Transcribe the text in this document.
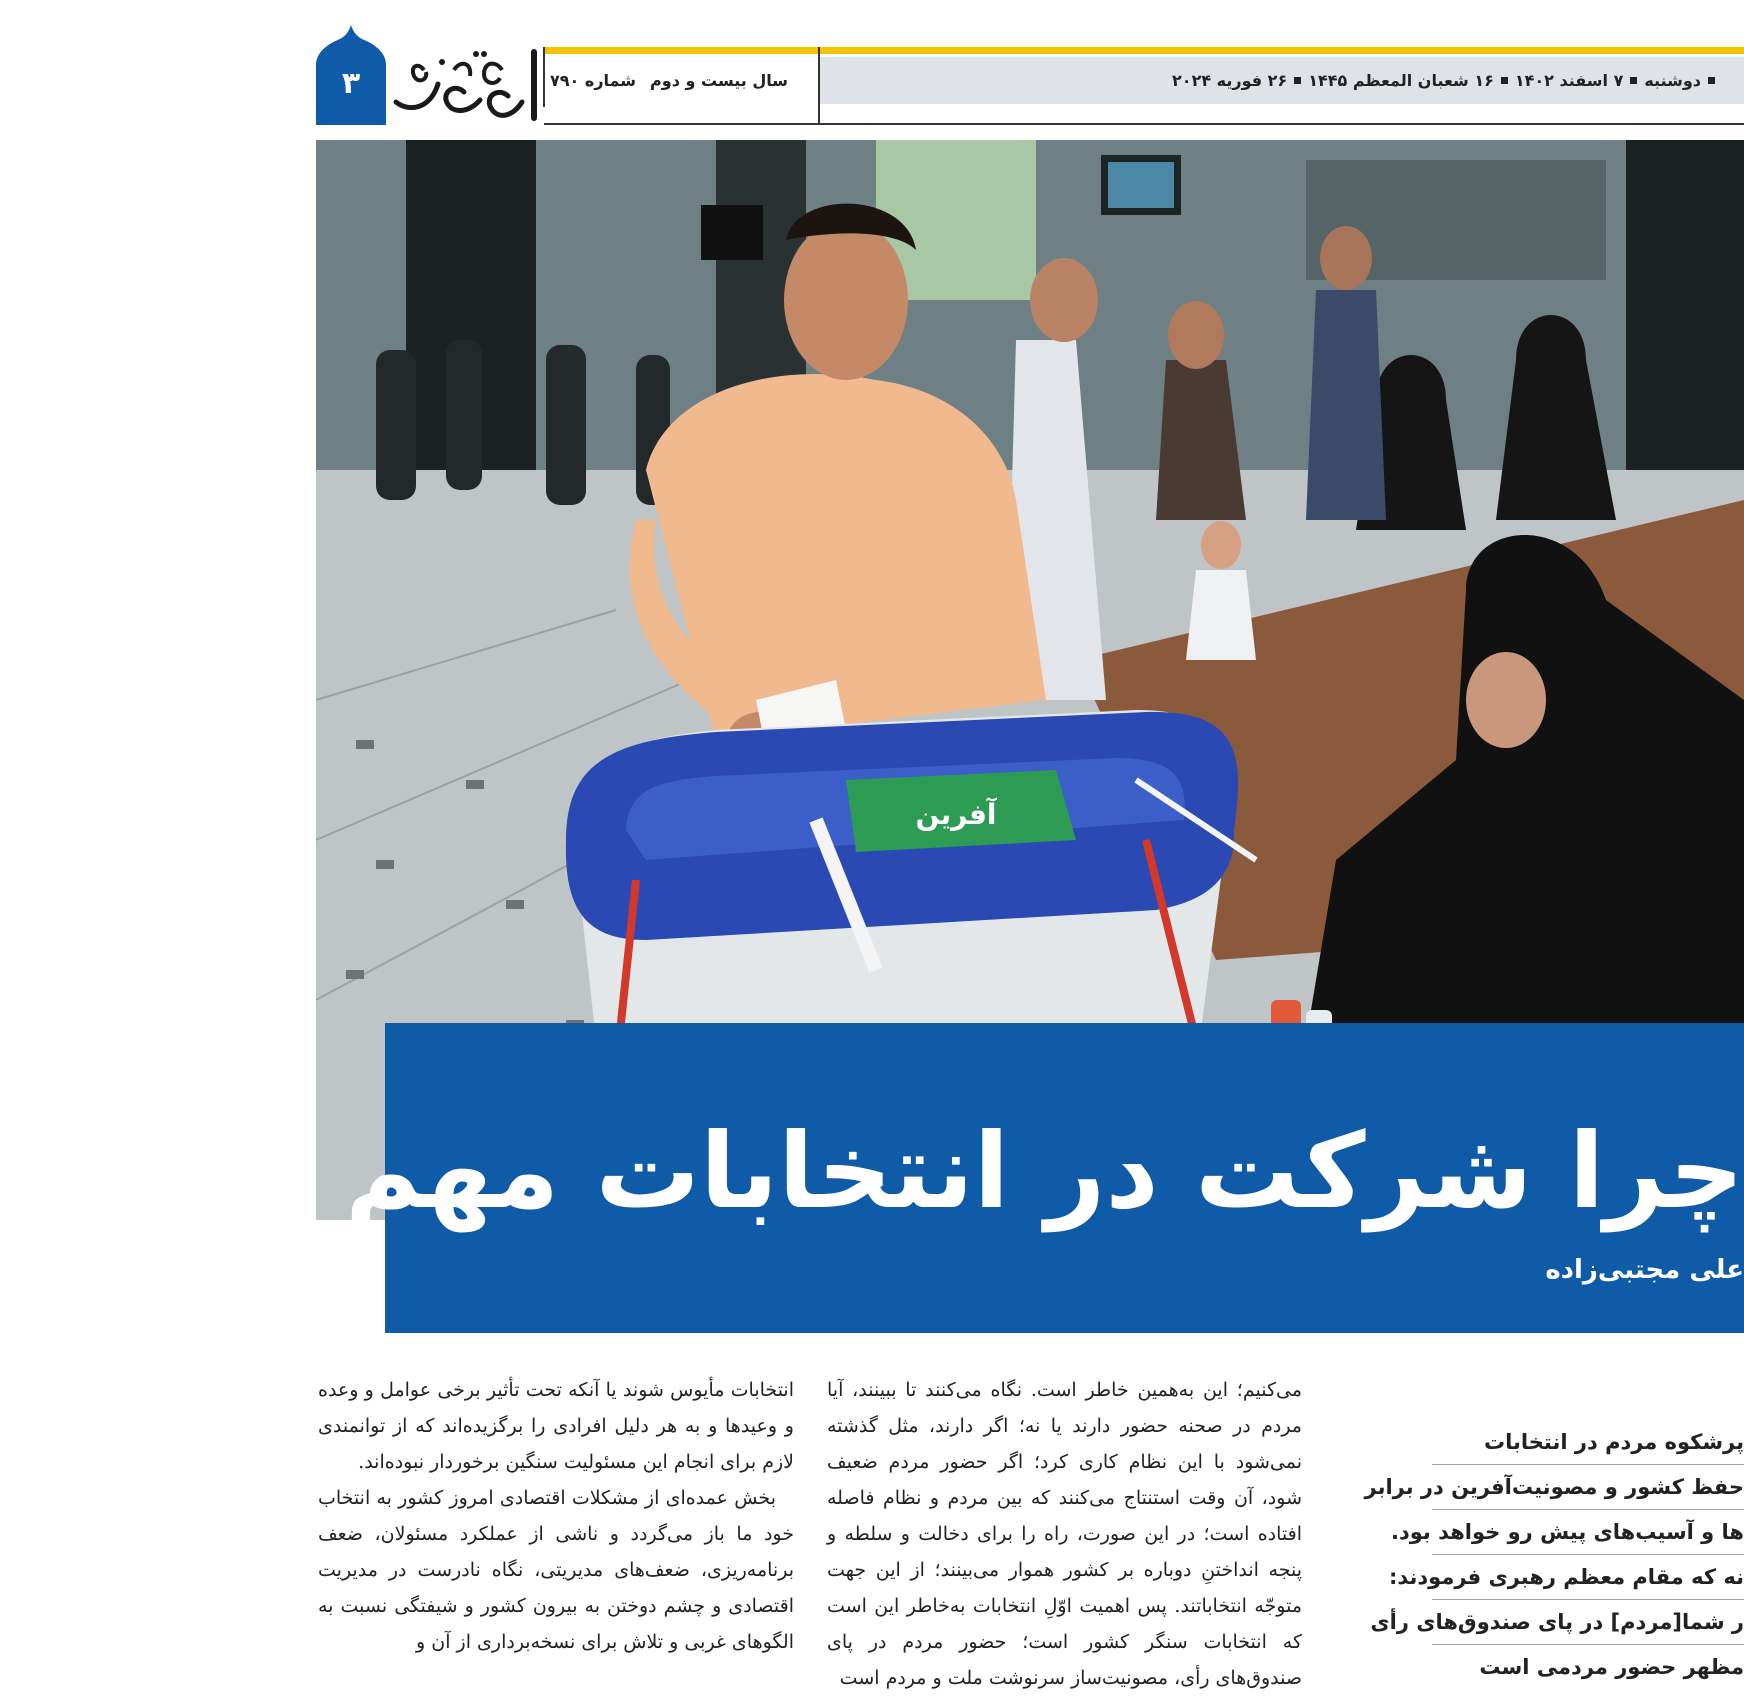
دوشنبه
۷ اسفند ۱۴۰۲
۱۶ شعبان المعظم ۱۴۴۵
۲۶ فوریه ۲۰۲۴
سال بیست و دوم
شماره ۷۹۰
۳
آفرین
چرا شرکت در انتخابات مهم است؟
علی مجتبی‌زاده

انتخابات مأیوس شوند یا آنکه تحت تأثیر برخی عوامل و وعده و وعیدها و به هر دلیل افرادی را برگزیده‌اند که از توانمندی لازم برای انجام این مسئولیت سنگین برخوردار نبوده‌اند.

بخش عمده‌ای از مشکلات اقتصادی امروز کشور به انتخاب خود ما باز می‌گردد و ناشی از عملکرد مسئولان، ضعف برنامه‌ریزی، ضعف‌های مدیریتی، نگاه نادرست در مدیریت اقتصادی و چشم دوختن به بیرون کشور و شیفتگی نسبت به الگوهای غربی و تلاش برای نسخه‌برداری از آن و

می‌کنیم؛ این به‌همین خاطر است. نگاه می‌کنند تا ببینند، آیا مردم در صحنه حضور دارند یا نه؛ اگر دارند، مثل گذشته نمی‌شود با این نظام کاری کرد؛ اگر حضور مردم ضعیف شود، آن وقت استنتاج می‌کنند که بین مردم و نظام فاصله افتاده است؛ در این صورت، راه را برای دخالت و سلطه و پنجه انداختنِ دوباره بر کشور هموار می‌بینند؛ از این جهت متوجّه انتخاباتند. پس اهمیت اوّلِ انتخابات به‌خاطر این است که انتخابات سنگر کشور است؛ حضور مردم در پای صندوق‌های رأی، مصونیت‌ساز سرنوشت ملت و مردم است

پرشکوه مردم در انتخابات
حفظ کشور و مصونیت‌آفرین در برابر
ها و آسیب‌های پیش رو خواهد بود.
نه که مقام معظم رهبری فرمودند:
ر شما[مردم] در پای صندوق‌های رأی
مظهر حضور مردمی است
